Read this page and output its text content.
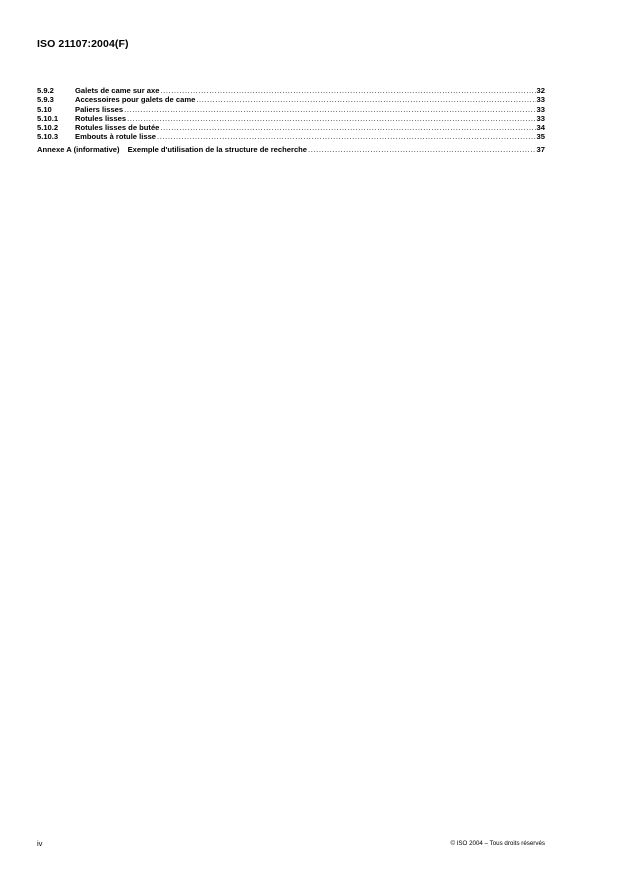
ISO 21107:2004(F)
5.9.2	Galets de came sur axe .....	32
5.9.3	Accessoires pour galets de came .....	33
5.10	Paliers lisses .....	33
5.10.1	Rotules lisses .....	33
5.10.2	Rotules lisses de butée .....	34
5.10.3	Embouts à rotule lisse .....	35
Annexe A (informative) Exemple d'utilisation de la structure de recherche .....	37
iv	© ISO 2004 – Tous droits réservés
